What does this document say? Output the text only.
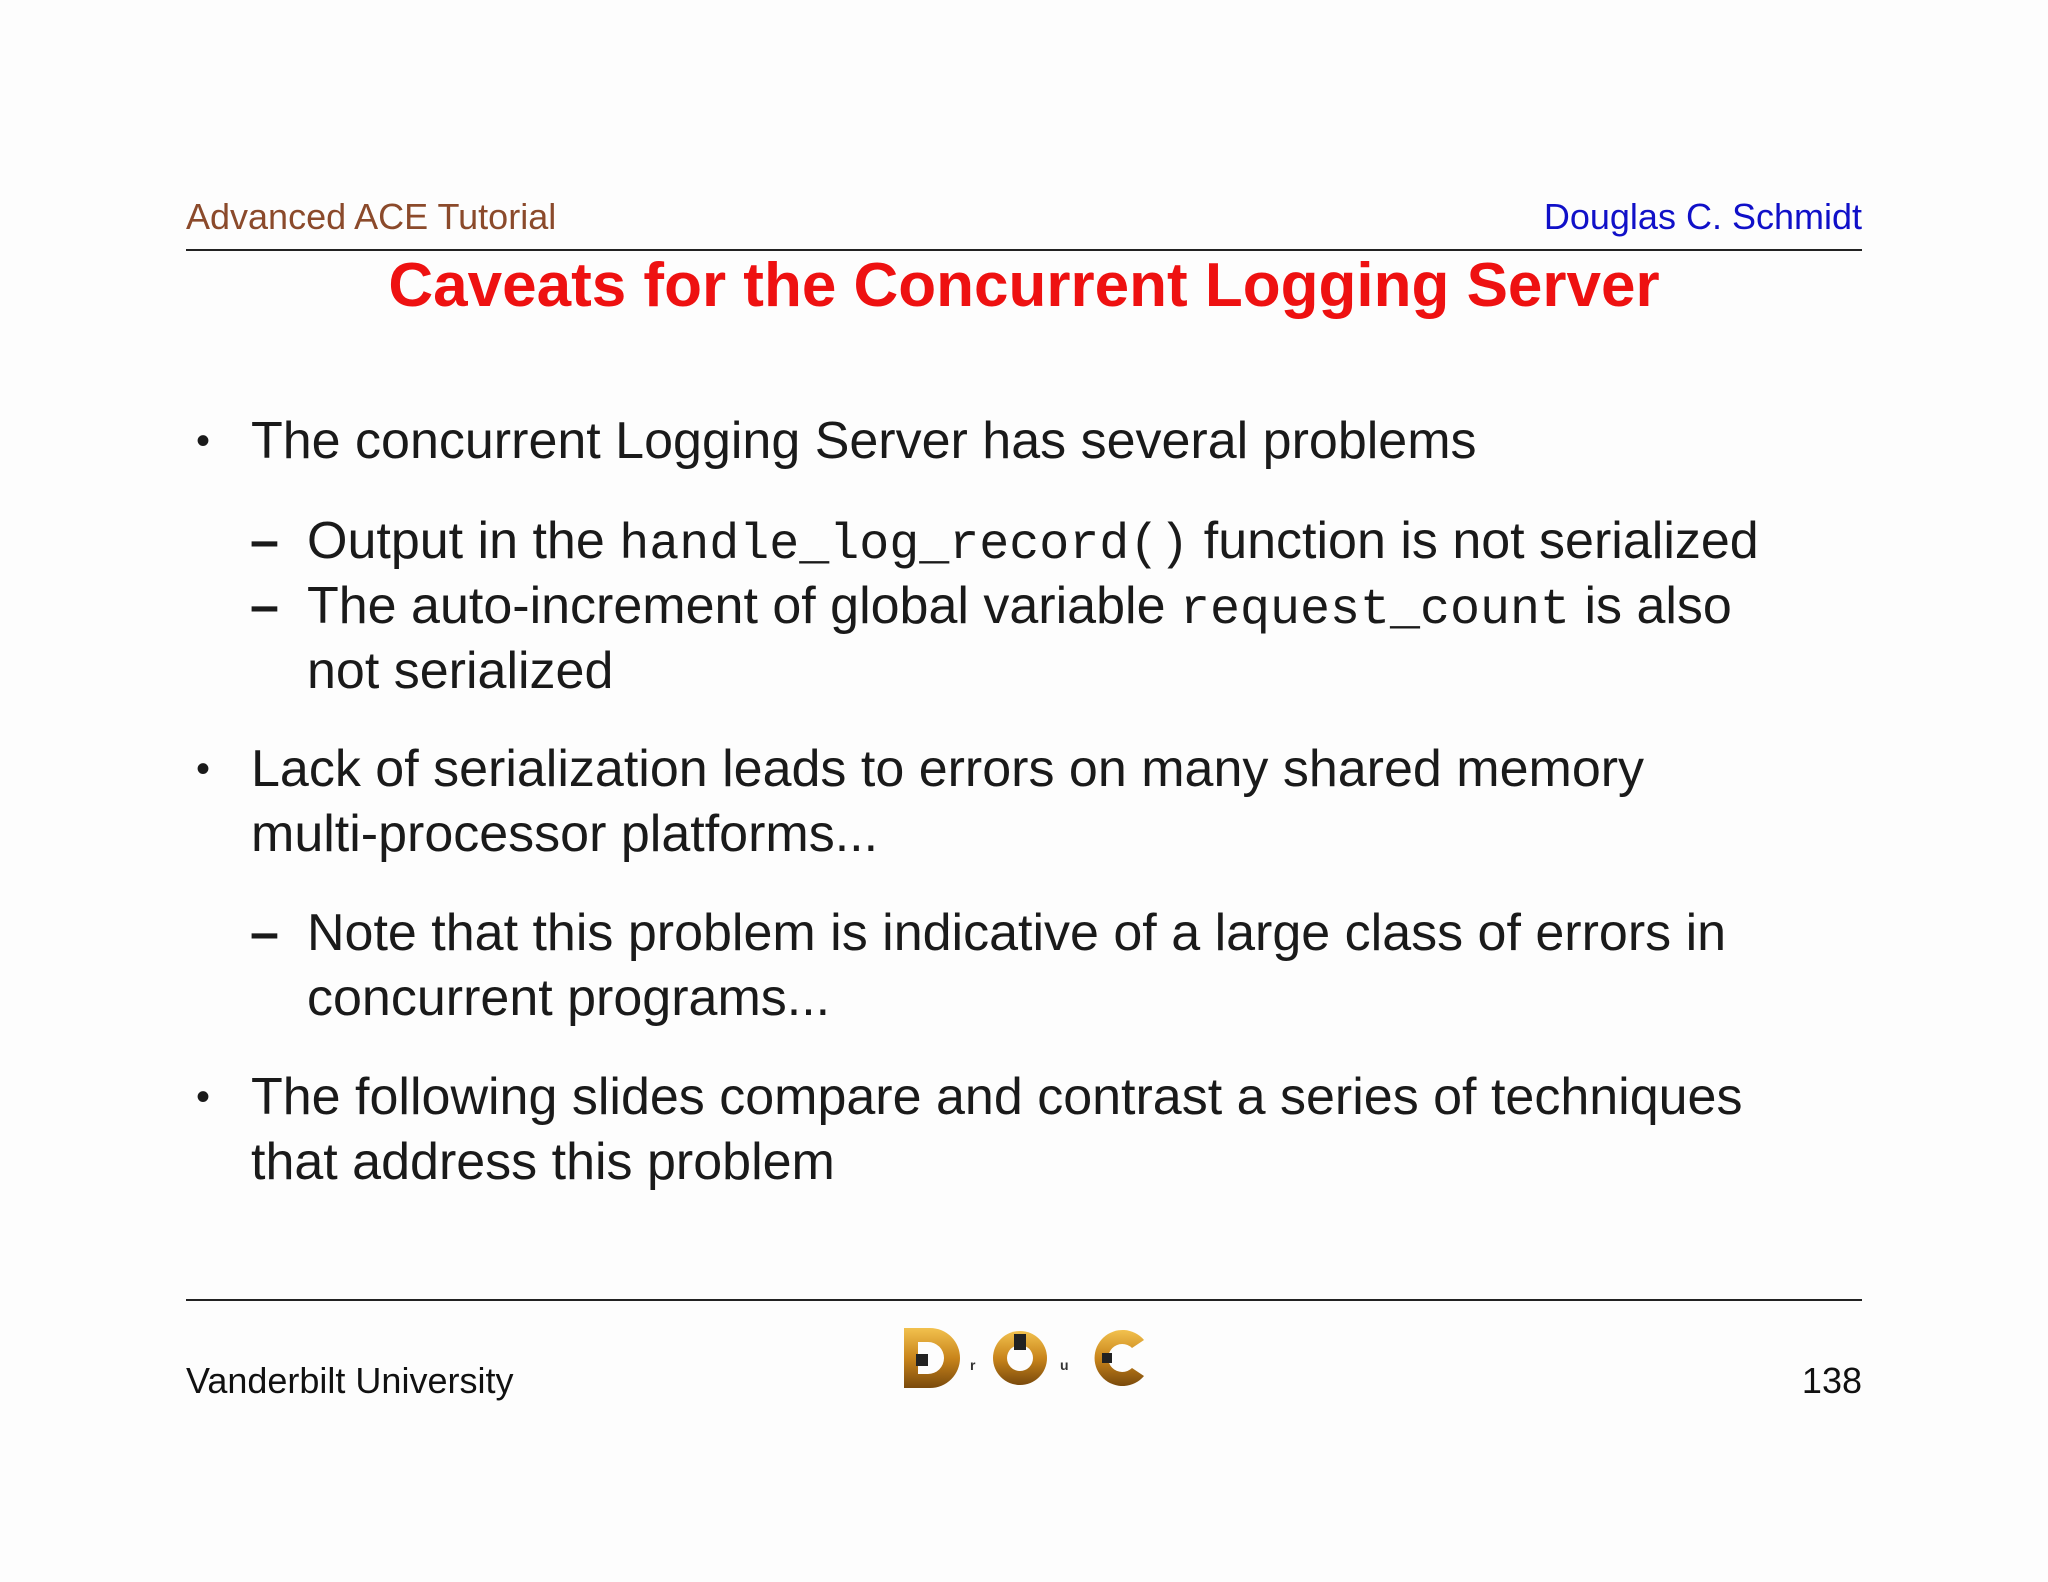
Advanced ACE Tutorial	Douglas C. Schmidt
Caveats for the Concurrent Logging Server
• The concurrent Logging Server has several problems
– Output in the handle_log_record() function is not serialized
– The auto-increment of global variable request_count is also
not serialized
• Lack of serialization leads to errors on many shared memory
multi-processor platforms...
– Note that this problem is indicative of a large class of errors in
concurrent programs...
• The following slides compare and contrast a series of techniques
that address this problem
Vanderbilt University	r	u	138
